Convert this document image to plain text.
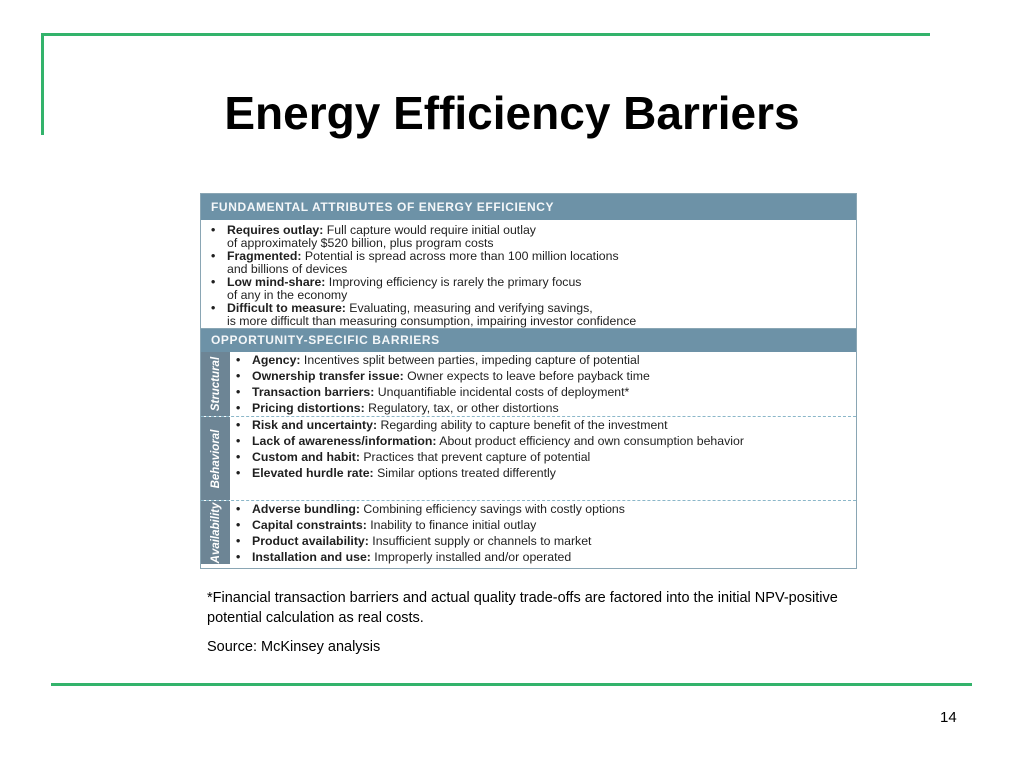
Energy Efficiency Barriers
FUNDAMENTAL ATTRIBUTES OF ENERGY EFFICIENCY
• Requires outlay: Full capture would require initial outlay
of approximately $520 billion, plus program costs
• Fragmented: Potential is spread across more than 100 million locations
and billions of devices
• Low mind-share: Improving efficiency is rarely the primary focus
of any in the economy
• Difficult to measure: Evaluating, measuring and verifying savings,
is more difficult than measuring consumption, impairing investor confidence
OPPORTUNITY-SPECIFIC BARRIERS
Structural • Agency: Incentives split between parties, impeding capture of potential
• Ownership transfer issue: Owner expects to leave before payback time
• Transaction barriers: Unquantifiable incidental costs of deployment*
• Pricing distortions: Regulatory, tax, or other distortions
Behavioral
• Risk and uncertainty: Regarding ability to capture benefit of the investment
• Lack of awareness/information: About product efficiency and own consumption behavior
• Custom and habit: Practices that prevent capture of potential
• Elevated hurdle rate: Similar options treated differently
Availability • Adverse bundling: Combining efficiency savings with costly options
• Capital constraints: Inability to finance initial outlay
• Product availability: Insufficient supply or channels to market
• Installation and use: Improperly installed and/or operated
*Financial transaction barriers and actual quality trade-offs are factored into the initial NPV-positive potential calculation as real costs.
Source: McKinsey analysis
14
